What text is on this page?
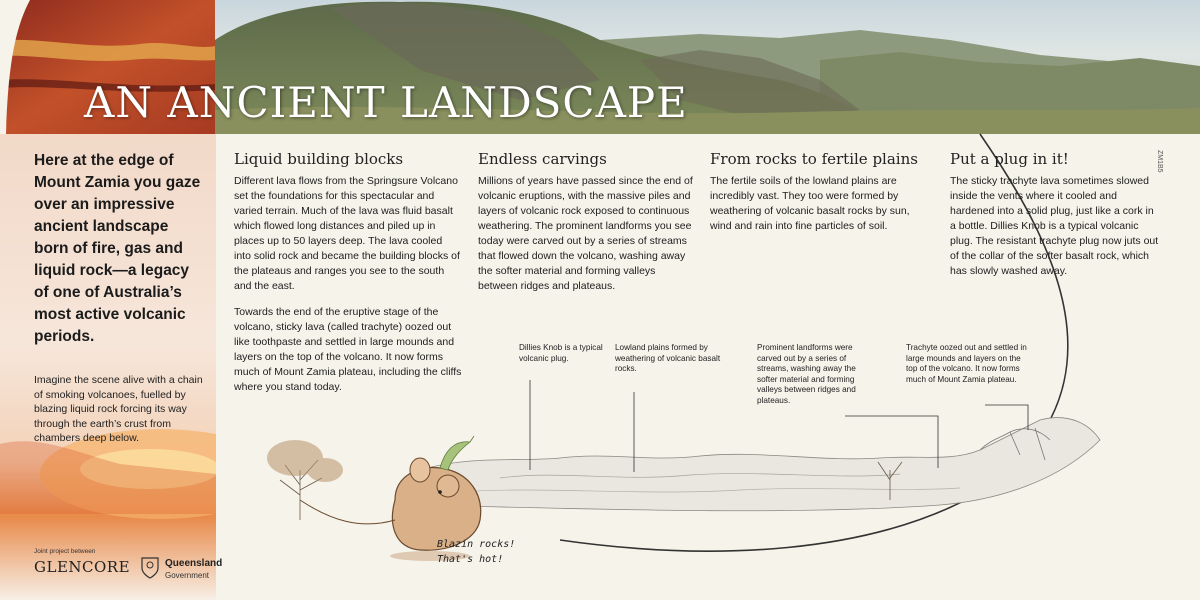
AN ANCIENT LANDSCAPE

Here at the edge of Mount Zamia you gaze over an impressive ancient landscape born of fire, gas and liquid rock—a legacy of one of Australia’s most active volcanic periods.

Imagine the scene alive with a chain of smoking volcanoes, fuelled by blazing liquid rock forcing its way through the earth’s crust from chambers deep below.

Joint project between
GLENCORE	Queensland
Government

Dillies Knob is a typical volcanic plug.

Lowland plains formed by weathering of volcanic basalt rocks.

Prominent landforms were carved out by a series of streams, washing away the softer material and forming valleys between ridges and plateaus.

Trachyte oozed out and settled in large mounds and layers on the top of the volcano. It now forms much of Mount Zamia plateau.

Blazin rocks!
That's hot!
Liquid building blocks

Different lava flows from the Springsure Volcano set the foundations for this spectacular and varied terrain. Much of the lava was fluid basalt which flowed long distances and piled up in places up to 50 layers deep. The lava cooled into solid rock and became the building blocks of the plateaus and ranges you see to the south and the east.

Towards the end of the eruptive stage of the volcano, sticky lava (called trachyte) oozed out like toothpaste and settled in large mounds and layers on the top of the volcano. It now forms much of Mount Zamia plateau, including the cliffs where you stand today.

Endless carvings

Millions of years have passed since the end of volcanic eruptions, with the massive piles and layers of volcanic rock exposed to continuous weathering. The prominent landforms you see today were carved out by a series of streams that flowed down the volcano, washing away the softer material and forming valleys between ridges and plateaus.

From rocks to fertile plains

The fertile soils of the lowland plains are incredibly vast. They too were formed by weathering of volcanic basalt rocks by sun, wind and rain into fine particles of soil.

Put a plug in it!

The sticky trachyte lava sometimes slowed inside the vents where it cooled and hardened into a solid plug, just like a cork in a bottle. Dillies Knob is a typical volcanic plug. The resistant trachyte plug now juts out of the collar of the softer basalt rock, which has slowly washed away.

ZM1B5
